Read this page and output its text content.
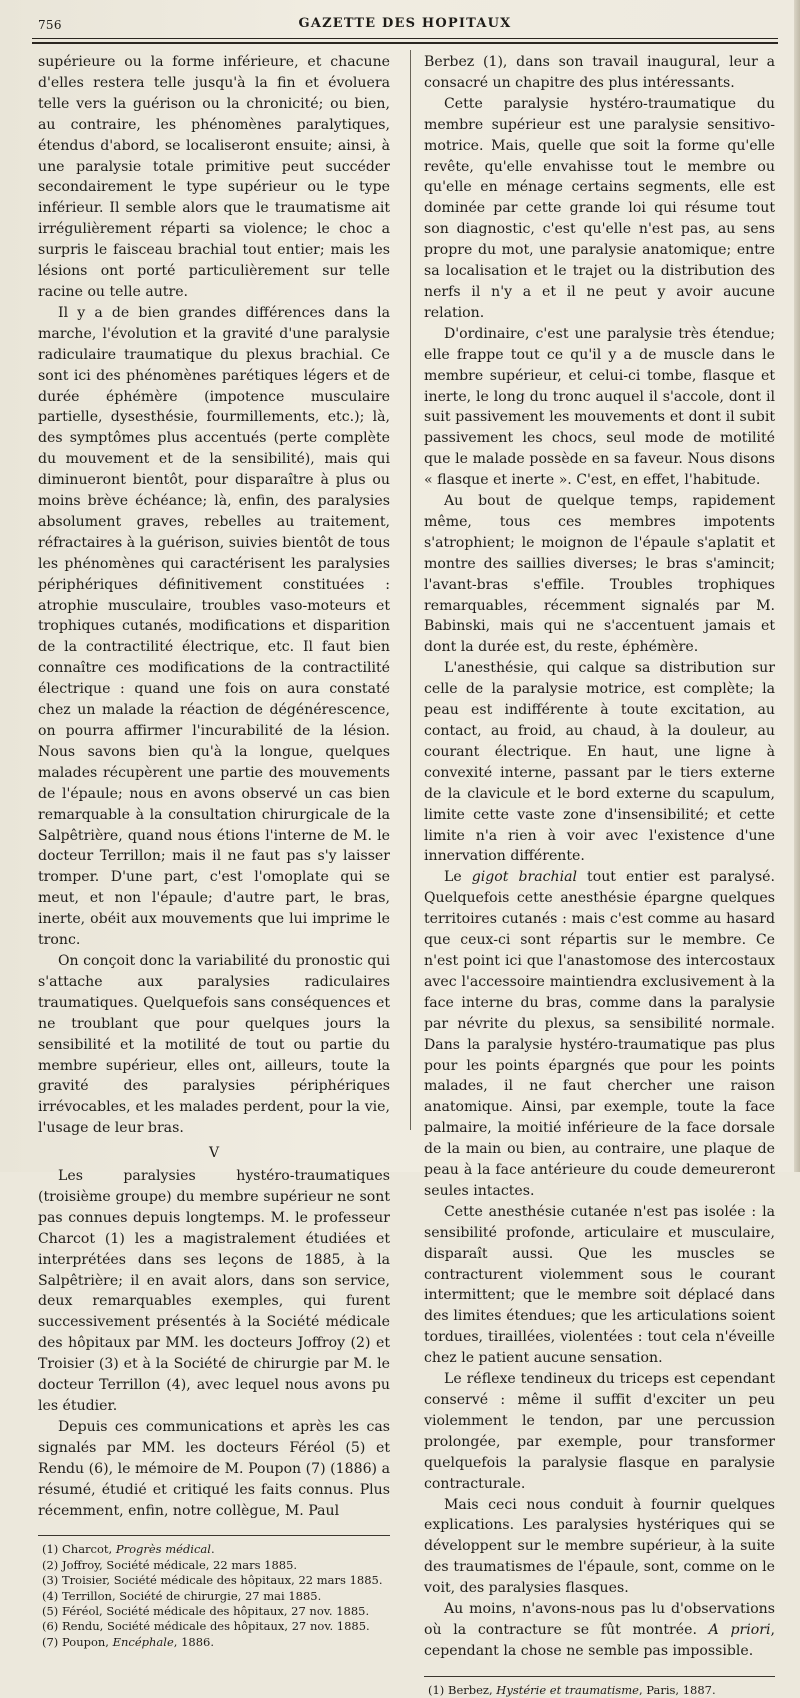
756	GAZETTE DES HOPITAUX

supérieure ou la forme inférieure, et chacune d'elles restera telle jusqu'à la fin et évoluera telle vers la guérison ou la chronicité; ou bien, au contraire, les phénomènes paralytiques, étendus d'abord, se localiseront ensuite; ainsi, à une paralysie totale primitive peut succéder secondairement le type supérieur ou le type inférieur. Il semble alors que le traumatisme ait irrégulièrement réparti sa violence; le choc a surpris le faisceau brachial tout entier; mais les lésions ont porté particulièrement sur telle racine ou telle autre.

Il y a de bien grandes différences dans la marche, l'évolution et la gravité d'une paralysie radiculaire traumatique du plexus brachial. Ce sont ici des phénomènes parétiques légers et de durée éphémère (impotence musculaire partielle, dysesthésie, fourmillements, etc.); là, des symptômes plus accentués (perte complète du mouvement et de la sensibilité), mais qui diminueront bientôt, pour disparaître à plus ou moins brève échéance; là, enfin, des paralysies absolument graves, rebelles au traitement, réfractaires à la guérison, suivies bientôt de tous les phénomènes qui caractérisent les paralysies périphériques définitivement constituées : atrophie musculaire, troubles vaso-moteurs et trophiques cutanés, modifications et disparition de la contractilité électrique, etc. Il faut bien connaître ces modifications de la contractilité électrique : quand une fois on aura constaté chez un malade la réaction de dégénérescence, on pourra affirmer l'incurabilité de la lésion. Nous savons bien qu'à la longue, quelques malades récupèrent une partie des mouvements de l'épaule; nous en avons observé un cas bien remarquable à la consultation chirurgicale de la Salpêtrière, quand nous étions l'interne de M. le docteur Terrillon; mais il ne faut pas s'y laisser tromper. D'une part, c'est l'omoplate qui se meut, et non l'épaule; d'autre part, le bras, inerte, obéit aux mouvements que lui imprime le tronc.

On conçoit donc la variabilité du pronostic qui s'attache aux paralysies radiculaires traumatiques. Quelquefois sans conséquences et ne troublant que pour quelques jours la sensibilité et la motilité de tout ou partie du membre supérieur, elles ont, ailleurs, toute la gravité des paralysies périphériques irrévocables, et les malades perdent, pour la vie, l'usage de leur bras.

V

Les paralysies hystéro-traumatiques (troisième groupe) du membre supérieur ne sont pas connues depuis longtemps. M. le professeur Charcot (1) les a magistralement étudiées et interprétées dans ses leçons de 1885, à la Salpêtrière; il en avait alors, dans son service, deux remarquables exemples, qui furent successivement présentés à la Société médicale des hôpitaux par MM. les docteurs Joffroy (2) et Troisier (3) et à la Société de chirurgie par M. le docteur Terrillon (4), avec lequel nous avons pu les étudier.

Depuis ces communications et après les cas signalés par MM. les docteurs Féréol (5) et Rendu (6), le mémoire de M. Poupon (7) (1886) a résumé, étudié et critiqué les faits connus. Plus récemment, enfin, notre collègue, M. Paul

(1) Charcot, Progrès médical.
(2) Joffroy, Société médicale, 22 mars 1885.
(3) Troisier, Société médicale des hôpitaux, 22 mars 1885.
(4) Terrillon, Société de chirurgie, 27 mai 1885.
(5) Féréol, Société médicale des hôpitaux, 27 nov. 1885.
(6) Rendu, Société médicale des hôpitaux, 27 nov. 1885.
(7) Poupon, Encéphale, 1886.

Berbez (1), dans son travail inaugural, leur a consacré un chapitre des plus intéressants.

Cette paralysie hystéro-traumatique du membre supérieur est une paralysie sensitivo-motrice. Mais, quelle que soit la forme qu'elle revête, qu'elle envahisse tout le membre ou qu'elle en ménage certains segments, elle est dominée par cette grande loi qui résume tout son diagnostic, c'est qu'elle n'est pas, au sens propre du mot, une paralysie anatomique; entre sa localisation et le trajet ou la distribution des nerfs il n'y a et il ne peut y avoir aucune relation.

D'ordinaire, c'est une paralysie très étendue; elle frappe tout ce qu'il y a de muscle dans le membre supérieur, et celui-ci tombe, flasque et inerte, le long du tronc auquel il s'accole, dont il suit passivement les mouvements et dont il subit passivement les chocs, seul mode de motilité que le malade possède en sa faveur. Nous disons « flasque et inerte ». C'est, en effet, l'habitude.

Au bout de quelque temps, rapidement même, tous ces membres impotents s'atrophient; le moignon de l'épaule s'aplatit et montre des saillies diverses; le bras s'amincit; l'avant-bras s'effile. Troubles trophiques remarquables, récemment signalés par M. Babinski, mais qui ne s'accentuent jamais et dont la durée est, du reste, éphémère.

L'anesthésie, qui calque sa distribution sur celle de la paralysie motrice, est complète; la peau est indifférente à toute excitation, au contact, au froid, au chaud, à la douleur, au courant électrique. En haut, une ligne à convexité interne, passant par le tiers externe de la clavicule et le bord externe du scapulum, limite cette vaste zone d'insensibilité; et cette limite n'a rien à voir avec l'existence d'une innervation différente.

Le gigot brachial tout entier est paralysé. Quelquefois cette anesthésie épargne quelques territoires cutanés : mais c'est comme au hasard que ceux-ci sont répartis sur le membre. Ce n'est point ici que l'anastomose des intercostaux avec l'accessoire maintiendra exclusivement à la face interne du bras, comme dans la paralysie par névrite du plexus, sa sensibilité normale. Dans la paralysie hystéro-traumatique pas plus pour les points épargnés que pour les points malades, il ne faut chercher une raison anatomique. Ainsi, par exemple, toute la face palmaire, la moitié inférieure de la face dorsale de la main ou bien, au contraire, une plaque de peau à la face antérieure du coude demeureront seules intactes.

Cette anesthésie cutanée n'est pas isolée : la sensibilité profonde, articulaire et musculaire, disparaît aussi. Que les muscles se contracturent violemment sous le courant intermittent; que le membre soit déplacé dans des limites étendues; que les articulations soient tordues, tiraillées, violentées : tout cela n'éveille chez le patient aucune sensation.

Le réflexe tendineux du triceps est cependant conservé : même il suffit d'exciter un peu violemment le tendon, par une percussion prolongée, par exemple, pour transformer quelquefois la paralysie flasque en paralysie contracturale.

Mais ceci nous conduit à fournir quelques explications. Les paralysies hystériques qui se développent sur le membre supérieur, à la suite des traumatismes de l'épaule, sont, comme on le voit, des paralysies flasques.

Au moins, n'avons-nous pas lu d'observations où la contracture se fût montrée. A priori, cependant la chose ne semble pas impossible.

(1) Berbez, Hystérie et traumatisme, Paris, 1887.
